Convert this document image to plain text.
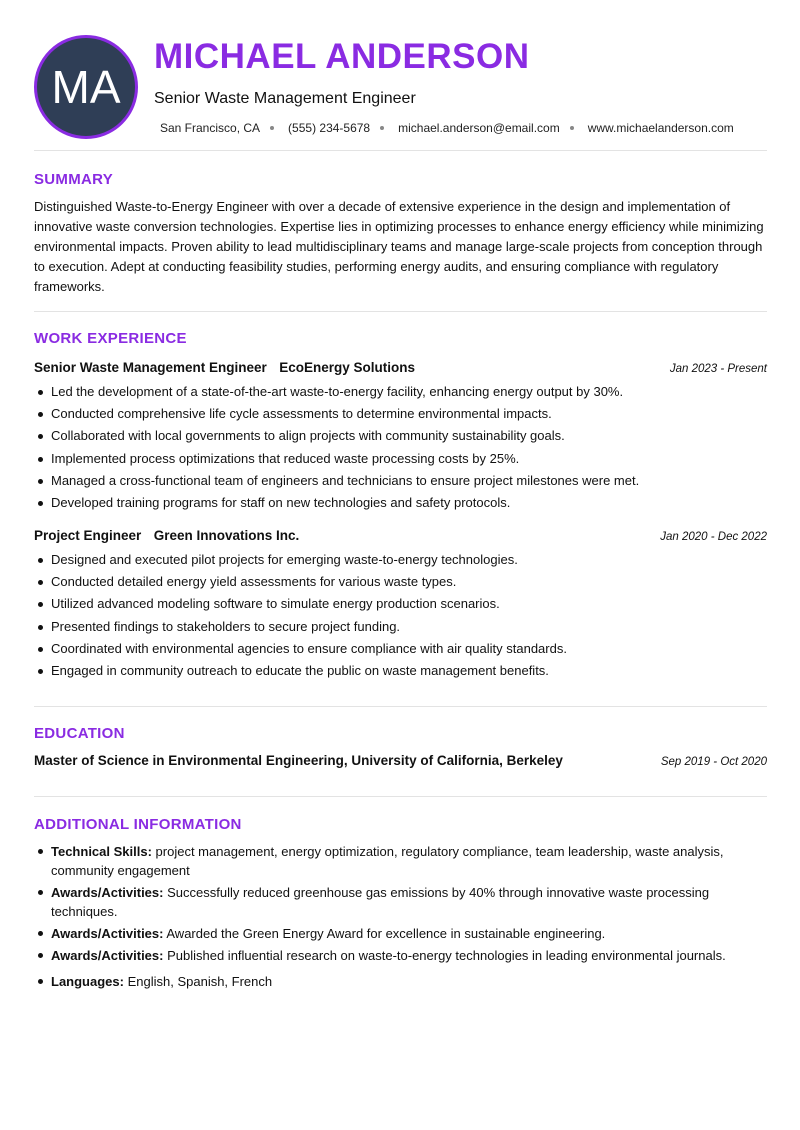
MA
MICHAEL ANDERSON
Senior Waste Management Engineer
San Francisco, CA (555) 234-5678 michael.anderson@email.com www.michaelanderson.com
SUMMARY
Distinguished Waste-to-Energy Engineer with over a decade of extensive experience in the design and implementation of innovative waste conversion technologies. Expertise lies in optimizing processes to enhance energy efficiency while minimizing environmental impacts. Proven ability to lead multidisciplinary teams and manage large-scale projects from conception through to execution. Adept at conducting feasibility studies, performing energy audits, and ensuring compliance with regulatory frameworks.
WORK EXPERIENCE
Senior Waste Management Engineer EcoEnergy Solutions	Jan 2023 - Present
Led the development of a state-of-the-art waste-to-energy facility, enhancing energy output by 30%.
Conducted comprehensive life cycle assessments to determine environmental impacts.
Collaborated with local governments to align projects with community sustainability goals.
Implemented process optimizations that reduced waste processing costs by 25%.
Managed a cross-functional team of engineers and technicians to ensure project milestones were met.
Developed training programs for staff on new technologies and safety protocols.
Project Engineer Green Innovations Inc.	Jan 2020 - Dec 2022
Designed and executed pilot projects for emerging waste-to-energy technologies.
Conducted detailed energy yield assessments for various waste types.
Utilized advanced modeling software to simulate energy production scenarios.
Presented findings to stakeholders to secure project funding.
Coordinated with environmental agencies to ensure compliance with air quality standards.
Engaged in community outreach to educate the public on waste management benefits.
EDUCATION
Master of Science in Environmental Engineering, University of California, Berkeley	Sep 2019 - Oct 2020
ADDITIONAL INFORMATION
Technical Skills: project management, energy optimization, regulatory compliance, team leadership, waste analysis, community engagement
Awards/Activities: Successfully reduced greenhouse gas emissions by 40% through innovative waste processing techniques.
Awards/Activities: Awarded the Green Energy Award for excellence in sustainable engineering.
Awards/Activities: Published influential research on waste-to-energy technologies in leading environmental journals.
Languages: English, Spanish, French
